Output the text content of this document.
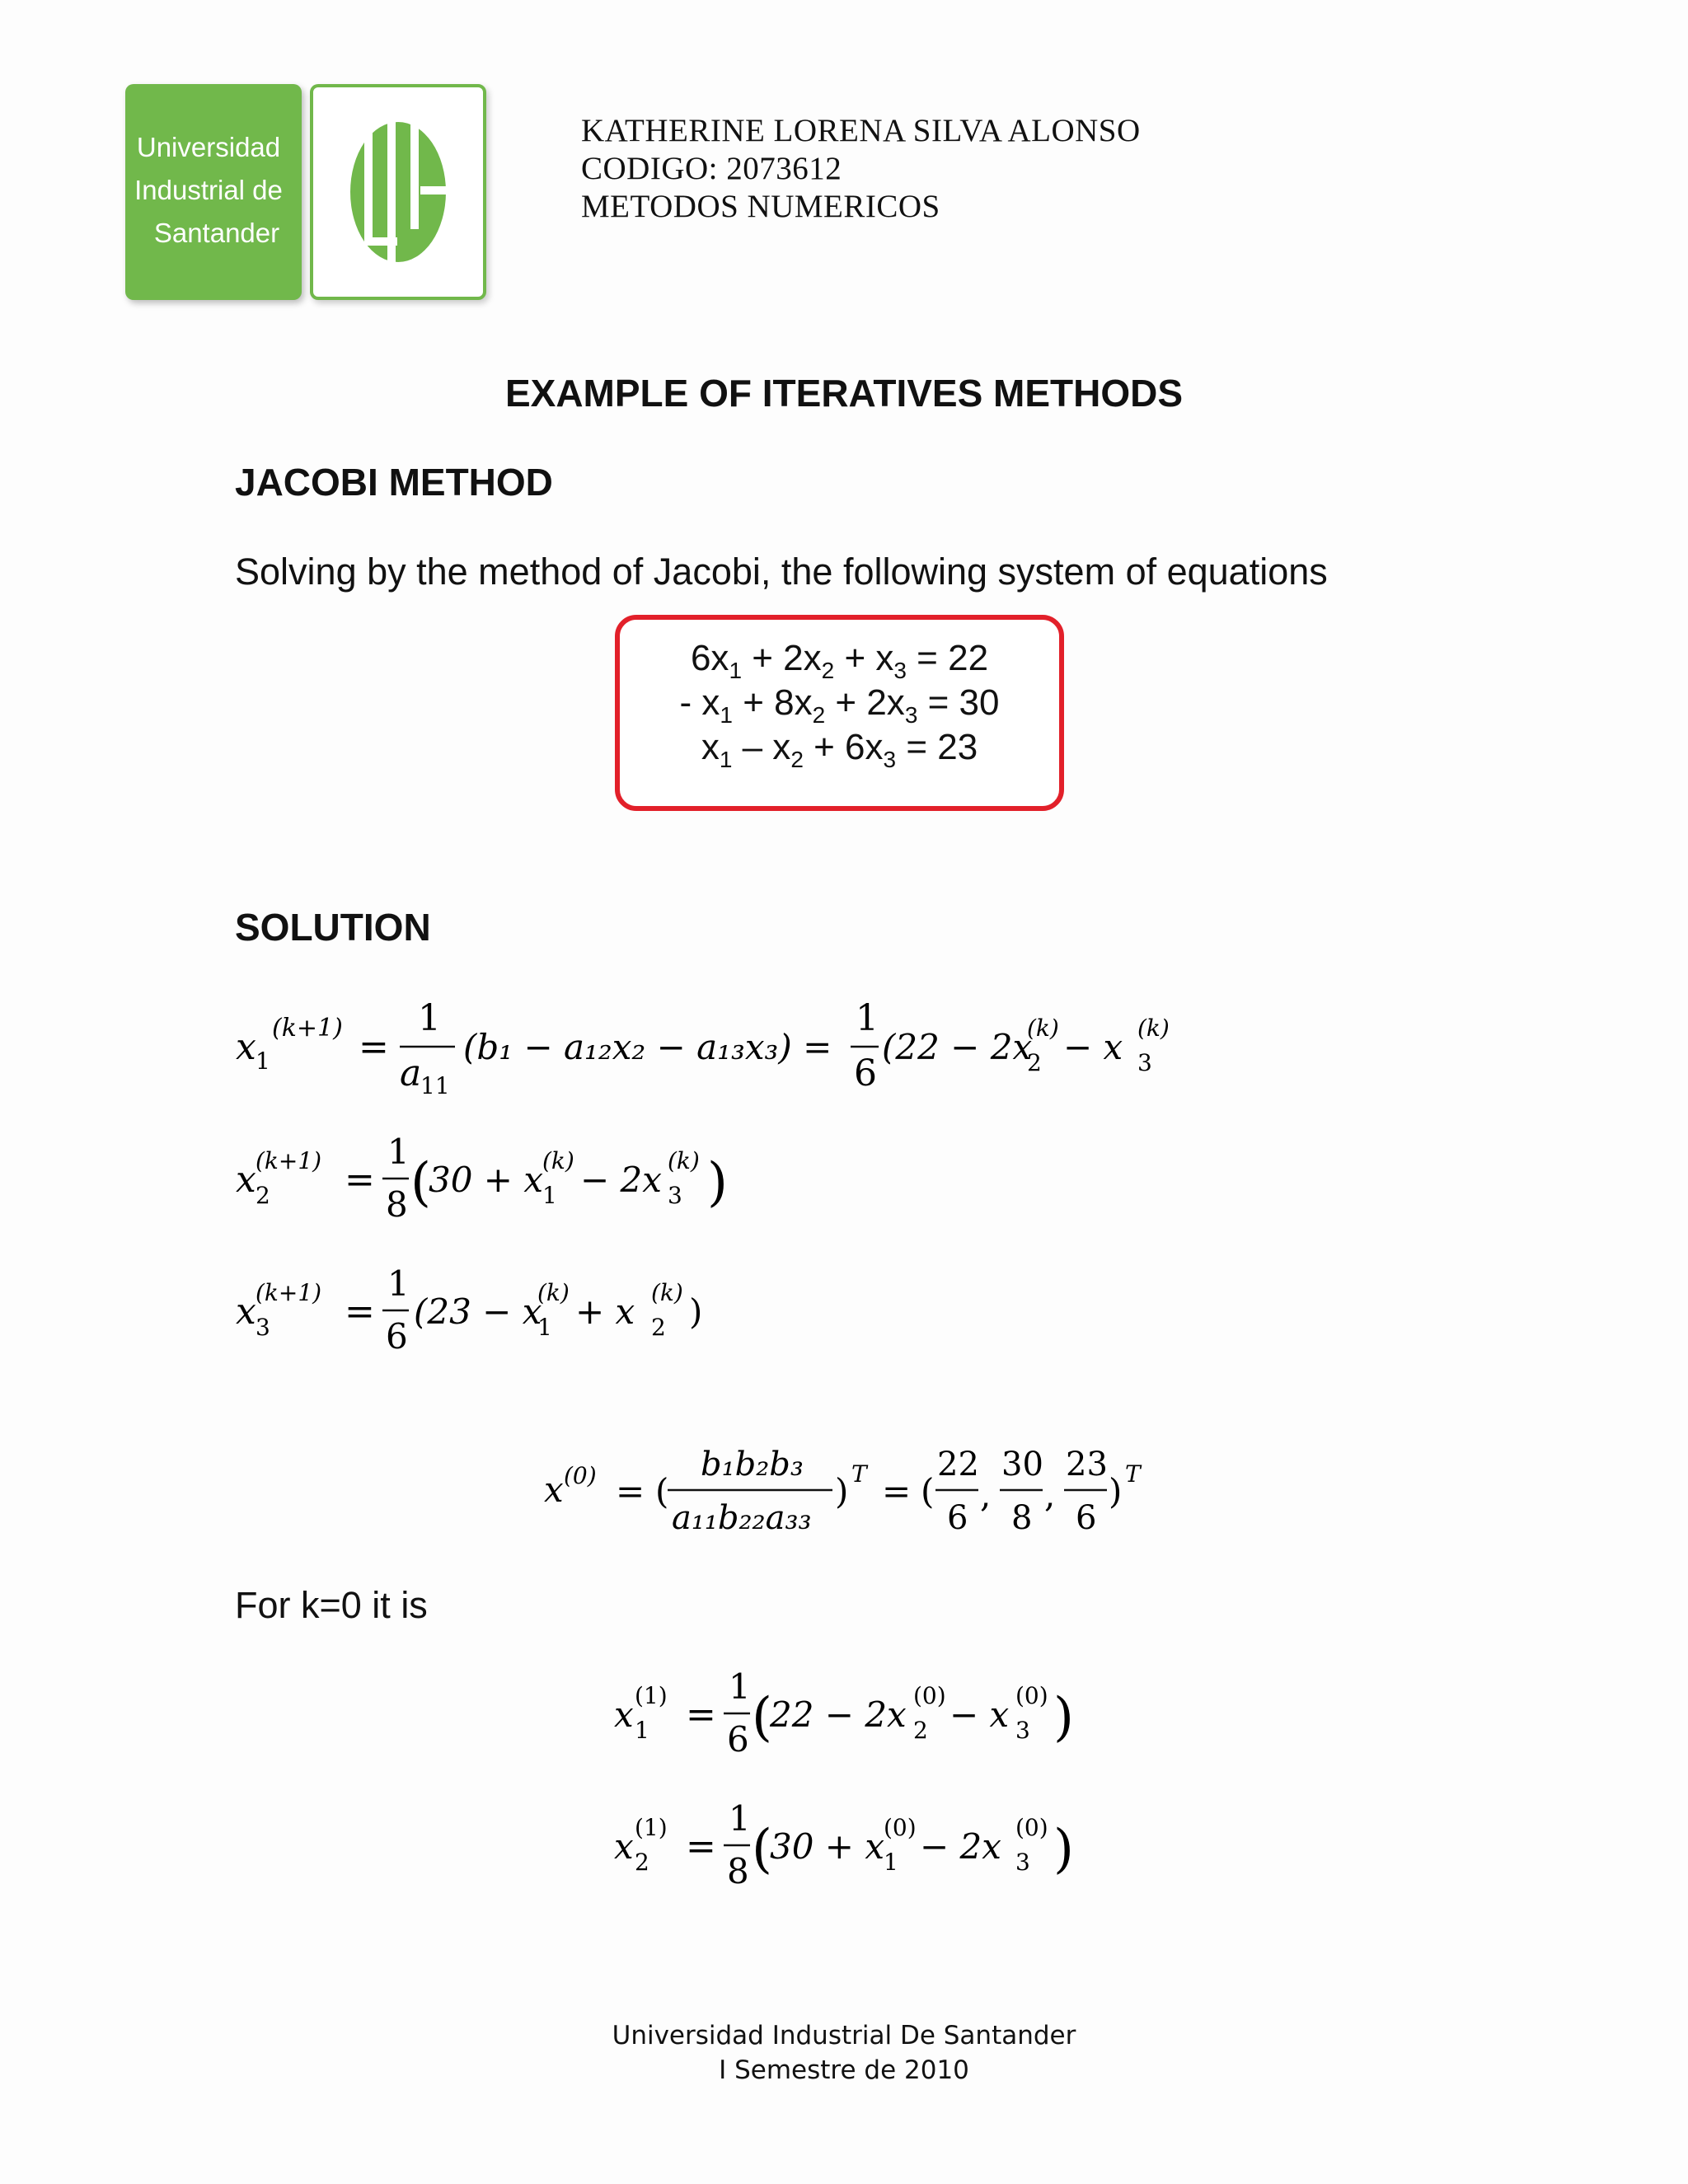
Universidad
Industrial de
Santander
KATHERINE LORENA SILVA ALONSO
CODIGO: 2073612
METODOS NUMERICOS
EXAMPLE OF ITERATIVES METHODS
JACOBI METHOD
Solving by the method of Jacobi, the following system of equations
$6x_1 + 2x_2 + x_3 = 22$
- $x_1 + 8x_2 + 2x_3 = 30$
$x_1 - x_2 + 6x_3 = 23$
SOLUTION
x 1
(k+1) =
1
a
11
(b₁ − a₁₂x₂ − a₁₃x₃) =
1
6
(22 − 2x
2
(k) − x 3
(k)
x 2
(k+1) =
1
8 (
30 + x
1
(k) − 2x 3
(k) )
x 3
(k+1) =
1
6
(23 − x
1
(k) + x 2
(k) )
x (0) = (
b₁b₂b₃
a₁₁b₂₂a₃₃
) T = (
22
6
,
30
8
,
23
6
) T
For k=0 it is
x 1
(1) =
1
6 (
22 − 2x 2
(0) − x 3
(0) )
x 2
(1) =
1
8 (
30 + x
1
(0) − 2x 3
(0) )
Universidad Industrial De Santander
I Semestre de 2010
